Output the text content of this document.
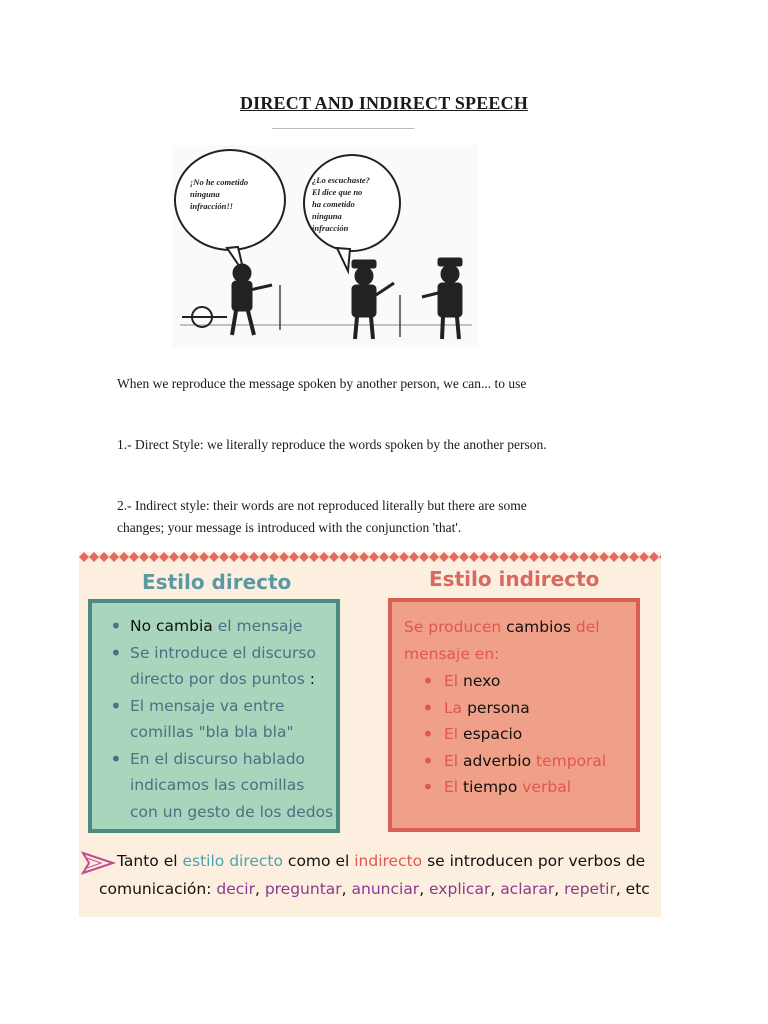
DIRECT AND INDIRECT SPEECH
¡No he cometido
ninguna
infracción!!
¿Lo escuchaste?
El dice que no
ha cometido
ninguna
infracción
When we reproduce the message spoken by another person, we can... to use
1.- Direct Style: we literally reproduce the words spoken by the another person.
2.- Indirect style: their words are not reproduced literally but there are some changes; your message is introduced with the conjunction 'that'.
Estilo directo	Estilo indirecto
• No cambia el mensaje
• Se introduce el discurso directo por dos puntos :
• El mensaje va entre comillas "bla bla bla"
• En el discurso hablado indicamos las comillas con un gesto de los dedos
Se producen cambios del mensaje en:
• El nexo
• La persona
• El espacio
• El adverbio temporal
• El tiempo verbal
Tanto el estilo directo como el indirecto se introducen por verbos de comunicación: decir, preguntar, anunciar, explicar, aclarar, repetir, etc
